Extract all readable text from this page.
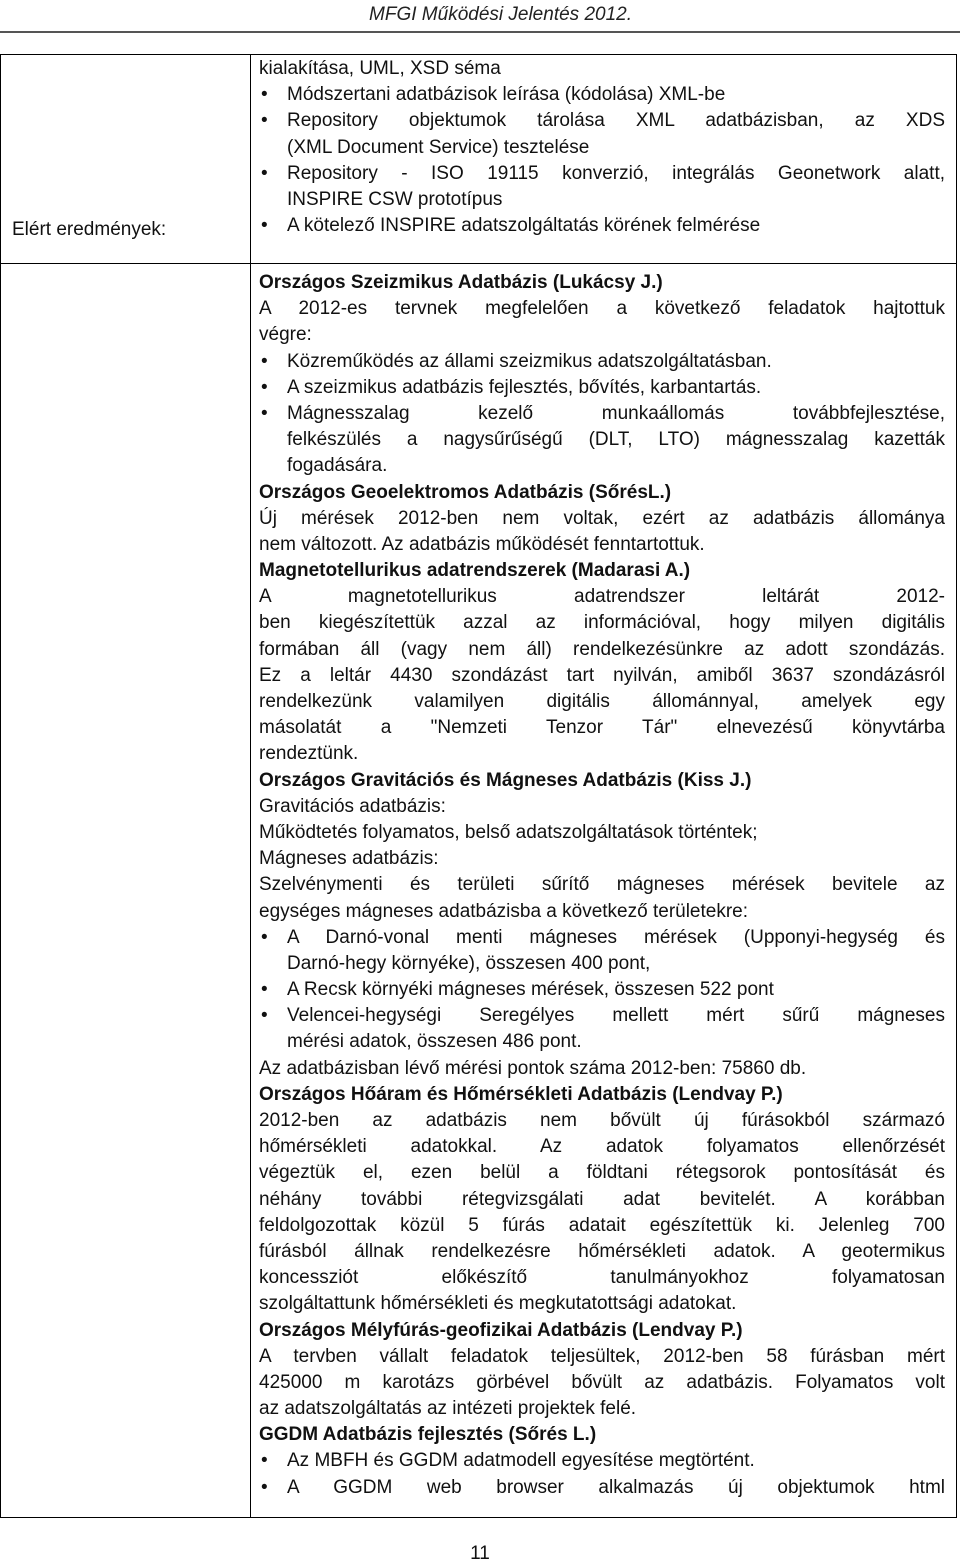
MFGI Működési Jelentés 2012.
Elért eredmények:
kialakítása, UML, XSD séma
• Módszertani adatbázisok leírása (kódolása) XML-be
• Repository objektumok tárolása XML adatbázisban, az XDS
(XML Document Service) tesztelése
• Repository - ISO 19115 konverzió, integrálás Geonetwork alatt,
INSPIRE CSW prototípus
• A kötelező INSPIRE adatszolgáltatás körének felmérése
Országos Szeizmikus Adatbázis (Lukácsy J.)
A 2012-es tervnek megfelelően a következő feladatok hajtottuk
végre:
• Közreműködés az állami szeizmikus adatszolgáltatásban.
• A szeizmikus adatbázis fejlesztés, bővítés, karbantartás.
• Mágnesszalag kezelő munkaállomás továbbfejlesztése,
felkészülés a nagysűrűségű (DLT, LTO) mágnesszalag kazetták
fogadására.
Országos Geoelektromos Adatbázis (SőrésL.)
Új mérések 2012-ben nem voltak, ezért az adatbázis állománya
nem változott. Az adatbázis működését fenntartottuk.
Magnetotellurikus adatrendszerek (Madarasi A.)
A magnetotellurikus adatrendszer leltárát 2012-
ben kiegészítettük azzal az információval, hogy milyen digitális
formában áll (vagy nem áll) rendelkezésünkre az adott szondázás.
Ez a leltár 4430 szondázást tart nyilván, amiből 3637 szondázásról
rendelkezünk valamilyen digitális állománnyal, amelyek egy
másolatát a "Nemzeti Tenzor Tár" elnevezésű könyvtárba
rendeztünk.
Országos Gravitációs és Mágneses Adatbázis (Kiss J.)
Gravitációs adatbázis:
Működtetés folyamatos, belső adatszolgáltatások történtek;
Mágneses adatbázis:
Szelvénymenti és területi sűrítő mágneses mérések bevitele az
egységes mágneses adatbázisba a következő területekre:
• A Darnó-vonal menti mágneses mérések (Upponyi-hegység és
Darnó-hegy környéke), összesen 400 pont,
• A Recsk környéki mágneses mérések, összesen 522 pont
• Velencei-hegységi Seregélyes mellett mért sűrű mágneses
mérési adatok, összesen 486 pont.
Az adatbázisban lévő mérési pontok száma 2012-ben: 75860 db.
Országos Hőáram és Hőmérsékleti Adatbázis (Lendvay P.)
2012-ben az adatbázis nem bővült új fúrásokból származó
hőmérsékleti adatokkal. Az adatok folyamatos ellenőrzését
végeztük el, ezen belül a földtani rétegsorok pontosítását és
néhány további rétegvizsgálati adat bevitelét. A korábban
feldolgozottak közül 5 fúrás adatait egészítettük ki. Jelenleg 700
fúrásból állnak rendelkezésre hőmérsékleti adatok. A geotermikus
koncessziót előkészítő tanulmányokhoz folyamatosan
szolgáltattunk hőmérsékleti és megkutatottsági adatokat.
Országos Mélyfúrás-geofizikai Adatbázis (Lendvay P.)
A tervben vállalt feladatok teljesültek, 2012-ben 58 fúrásban mért
425000 m karotázs görbével bővült az adatbázis. Folyamatos volt
az adatszolgáltatás az intézeti projektek felé.
GGDM Adatbázis fejlesztés (Sőrés L.)
• Az MBFH és GGDM adatmodell egyesítése megtörtént.
• A GGDM web browser alkalmazás új objektumok html
11
